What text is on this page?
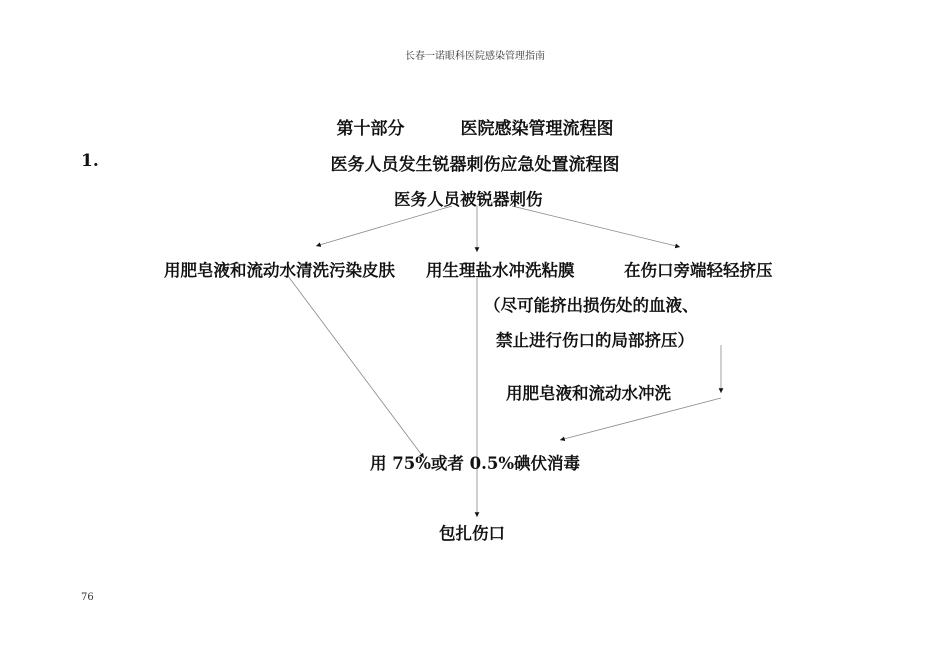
长春一诺眼科医院感染管理指南
第十部分	医院感染管理流程图
1.	医务人员发生锐器刺伤应急处置流程图
医务人员被锐器刺伤
用肥皂液和流动水清洗污染皮肤 用生理盐水冲洗粘膜	在伤口旁端轻轻挤压
（尽可能挤出损伤处的血液、
禁止进行伤口的局部挤压）
用肥皂液和流动水冲洗
用 75%或者 0.5%碘伏消毒
包扎伤口
76
